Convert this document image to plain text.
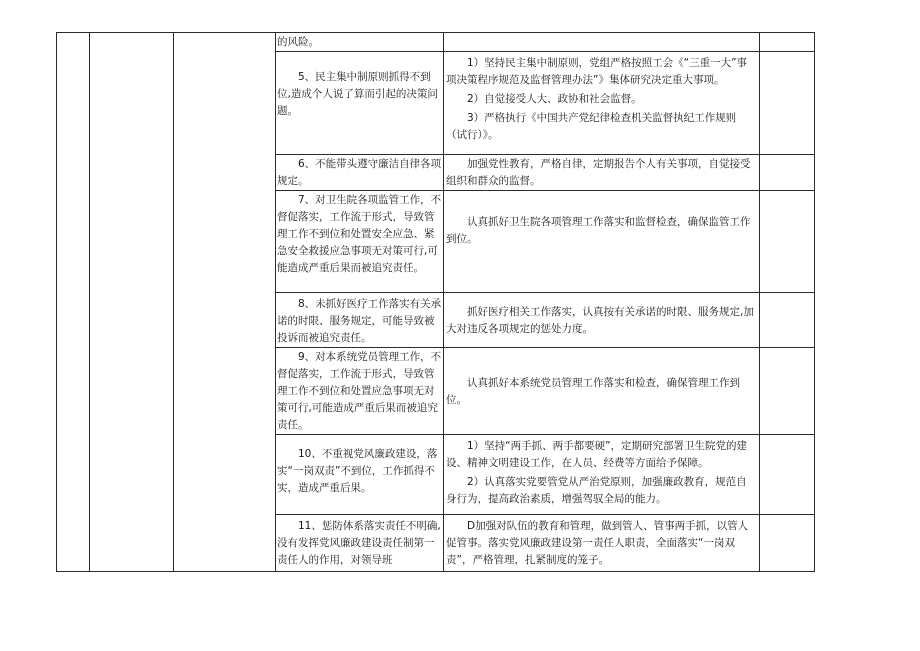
			的风险。		

			5、民主集中制原则抓得不到位,造成个人说了算而引起的决策问题。	1）坚持民主集中制原则，党组严格按照工会《“三重一大”事项决策程序规范及监督管理办法”》集体研究决定重大事项。

2）自觉接受人大、政协和社会监督。

3）严格执行《中国共产党纪律检查机关监督执纪工作规则（试行）》。	

			6、不能带头遵守廉洁自律各项规定。	加强党性教育，严格自律，定期报告个人有关事项，自觉接受组织和群众的监督。	

			7、对卫生院各项监管工作，不督促落实，工作流于形式，导致管理工作不到位和处置安全应急、紧急安全救援应急事项无对策可行,可能造成严重后果而被追究责任。	认真抓好卫生院各项管理工作落实和监督检查，确保监管工作到位。	

			8、未抓好医疗工作落实有关承诺的时限、服务规定，可能导致被投诉而被追究责任。	抓好医疗相关工作落实，认真按有关承诺的时限、服务规定,加大对违反各项规定的惩处力度。	

			9、对本系统党员管理工作，不督促落实，工作流于形式，导致管理工作不到位和处置应急事项无对策可行,可能造成严重后果而被追究责任。	认真抓好本系统党员管理工作落实和检查，确保管理工作到位。	

			10、不重视党风廉政建设，落实“一岗双责”不到位，工作抓得不实，造成严重后果。	1）坚持“两手抓、两手都要硬”，定期研究部署卫生院党的建设、精神文明建设工作，在人员、经费等方面给予保障。

2）认真落实党要管党从严治党原则，加强廉政教育，规范自身行为，提高政治素质，增强驾驭全局的能力。	

			11、惩防体系落实责任不明确,没有发挥党风廉政建设责任制第一责任人的作用，对领导班	D加强对队伍的教育和管理，做到管人、管事两手抓，以管人促管事。落实党风廉政建设第一责任人职责，全面落实“一岗双责”，严格管理，扎紧制度的笼子。	
